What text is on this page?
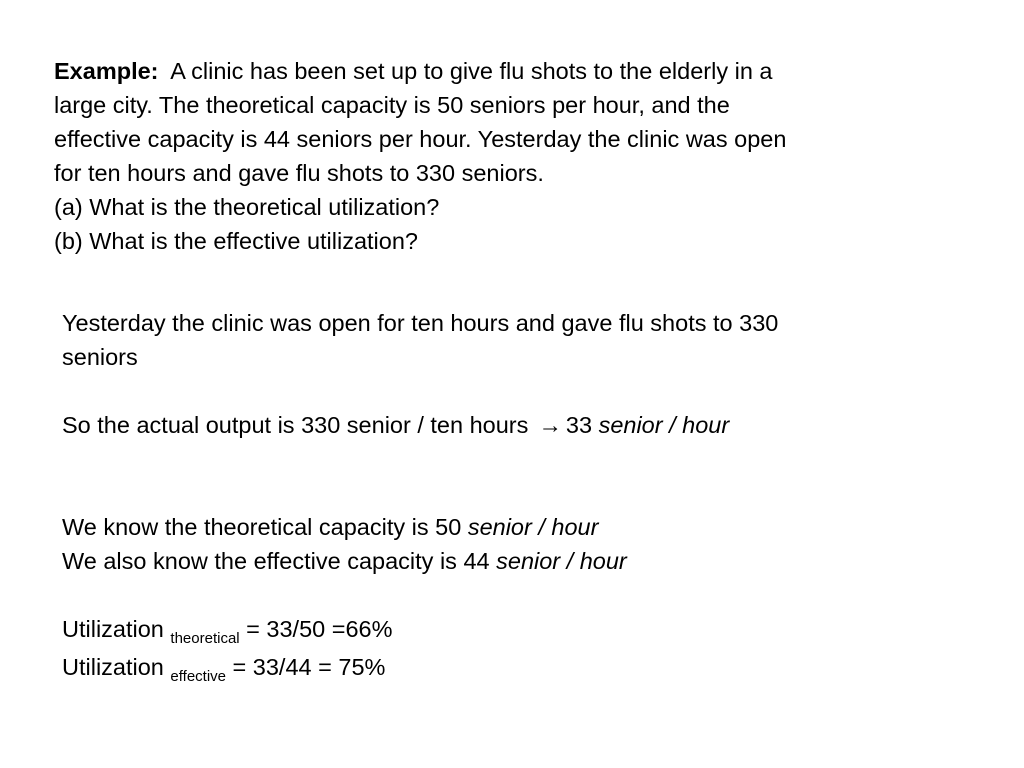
Example: A clinic has been set up to give flu shots to the elderly in a
large city. The theoretical capacity is 50 seniors per hour, and the
effective capacity is 44 seniors per hour. Yesterday the clinic was open
for ten hours and gave flu shots to 330 seniors.
(a) What is the theoretical utilization?
(b) What is the effective utilization?
Yesterday the clinic was open for ten hours and gave flu shots to 330
seniors
So the actual output is 330 senior / ten hours → 33 senior / hour
We know the theoretical capacity is 50 senior / hour
We also know the effective capacity is 44 senior / hour
Utilization $_{theoretical}$ = 33/50 =66%
Utilization $_{effective}$ = 33/44 = 75%
